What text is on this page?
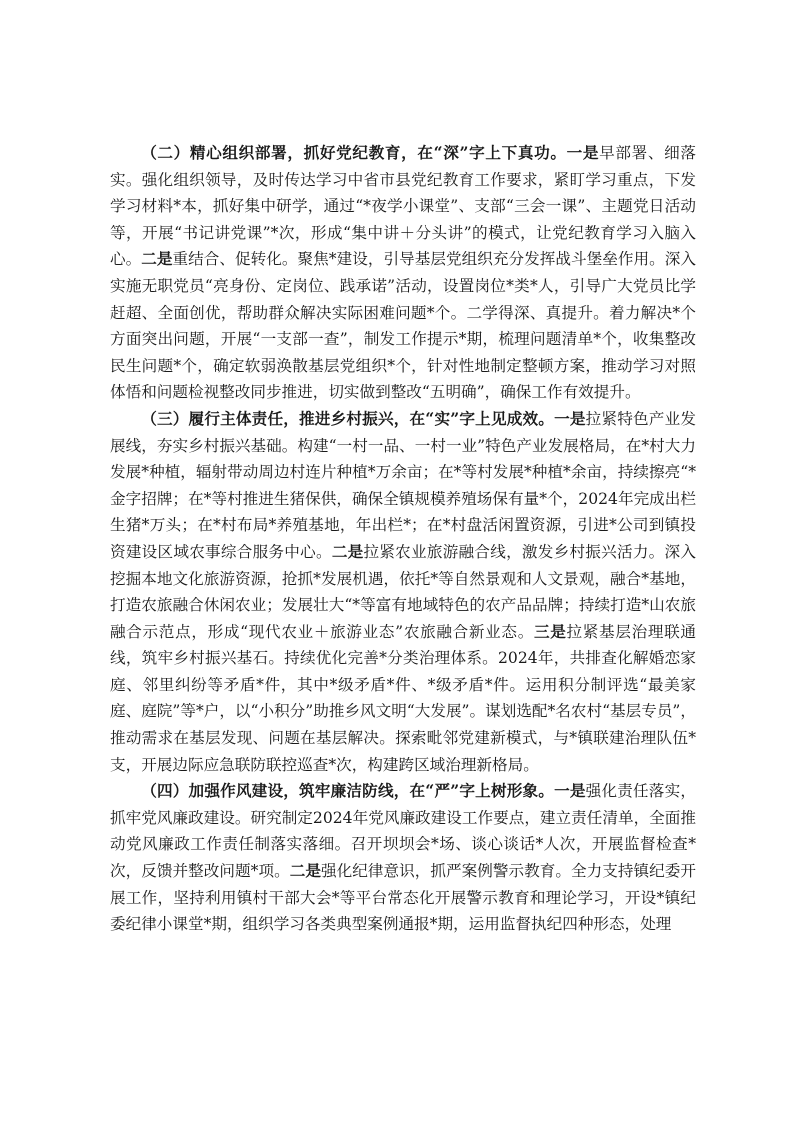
（二）精心组织部署，抓好党纪教育，在“深”字上下真功。一是早部署、细落实。强化组织领导，及时传达学习中省市县党纪教育工作要求，紧盯学习重点，下发学习材料*本，抓好集中研学，通过“*夜学小课堂”、支部“三会一课”、主题党日活动等，开展“书记讲党课”*次，形成“集中讲＋分头讲”的模式，让党纪教育学习入脑入心。二是重结合、促转化。聚焦*建设，引导基层党组织充分发挥战斗堡垒作用。深入实施无职党员“亮身份、定岗位、践承诺”活动，设置岗位*类*人，引导广大党员比学赶超、全面创优，帮助群众解决实际困难问题*个。二学得深、真提升。着力解决*个方面突出问题，开展“一支部一查”，制发工作提示*期，梳理问题清单*个，收集整改民生问题*个，确定软弱涣散基层党组织*个，针对性地制定整顿方案，推动学习对照体悟和问题检视整改同步推进，切实做到整改“五明确”，确保工作有效提升。

（三）履行主体责任，推进乡村振兴，在“实”字上见成效。一是拉紧特色产业发展线，夯实乡村振兴基础。构建“一村一品、一村一业”特色产业发展格局，在*村大力发展*种植，辐射带动周边村连片种植*万余亩；在*等村发展*种植*余亩，持续擦亮“*金字招牌；在*等村推进生猪保供，确保全镇规模养殖场保有量*个，2024年完成出栏生猪*万头；在*村布局*养殖基地，年出栏*；在*村盘活闲置资源，引进*公司到镇投资建设区域农事综合服务中心。二是拉紧农业旅游融合线，激发乡村振兴活力。深入挖掘本地文化旅游资源，抢抓*发展机遇，依托*等自然景观和人文景观，融合*基地，打造农旅融合休闲农业；发展壮大“*等富有地域特色的农产品品牌；持续打造*山农旅融合示范点，形成“现代农业＋旅游业态”农旅融合新业态。三是拉紧基层治理联通线，筑牢乡村振兴基石。持续优化完善*分类治理体系。2024年，共排查化解婚恋家庭、邻里纠纷等矛盾*件，其中*级矛盾*件、*级矛盾*件。运用积分制评选“最美家庭、庭院”等*户，以“小积分”助推乡风文明“大发展”。谋划选配*名农村“基层专员”，推动需求在基层发现、问题在基层解决。探索毗邻党建新模式，与*镇联建治理队伍*支，开展边际应急联防联控巡查*次，构建跨区域治理新格局。

（四）加强作风建设，筑牢廉洁防线，在“严”字上树形象。一是强化责任落实，抓牢党风廉政建设。研究制定2024年党风廉政建设工作要点，建立责任清单，全面推动党风廉政工作责任制落实落细。召开坝坝会*场、谈心谈话*人次，开展监督检查*次，反馈并整改问题*项。二是强化纪律意识，抓严案例警示教育。全力支持镇纪委开展工作，坚持利用镇村干部大会*等平台常态化开展警示教育和理论学习，开设*镇纪委纪律小课堂*期，组织学习各类典型案例通报*期，运用监督执纪四种形态，处理
